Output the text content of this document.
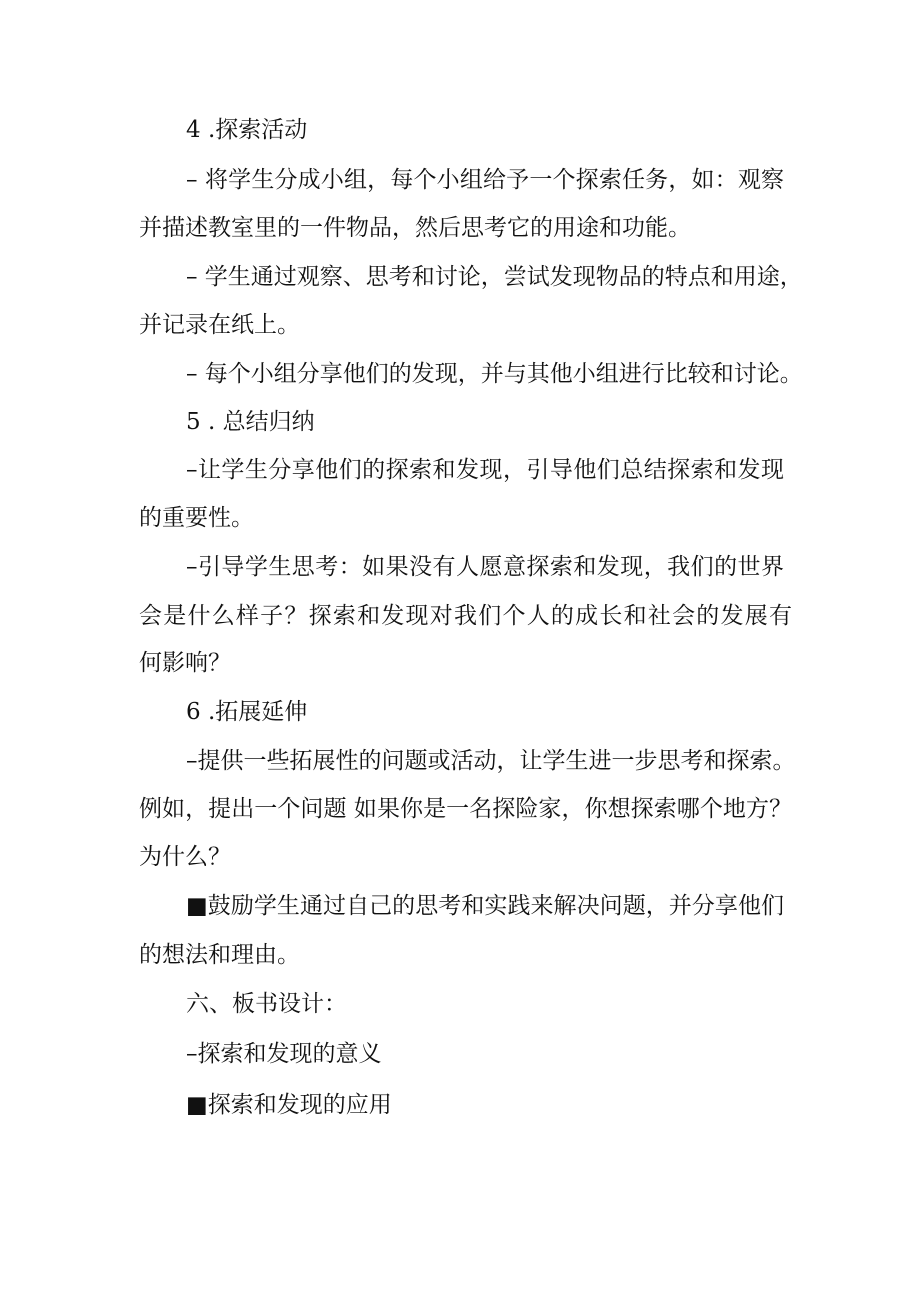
4 .探索活动
– 将学生分成小组，每个小组给予一个探索任务，如：观察
并描述教室里的一件物品，然后思考它的用途和功能。
– 学生通过观察、思考和讨论，尝试发现物品的特点和用途，
并记录在纸上。
– 每个小组分享他们的发现，并与其他小组进行比较和讨论。
5 . 总结归纳
–让学生分享他们的探索和发现，引导他们总结探索和发现
的重要性。
–引导学生思考：如果没有人愿意探索和发现，我们的世界
会是什么样子？探索和发现对我们个人的成长和社会的发展有
何影响？
6 .拓展延伸
–提供一些拓展性的问题或活动，让学生进一步思考和探索。
例如，提出一个问题 如果你是一名探险家，你想探索哪个地方？
为什么？
■鼓励学生通过自己的思考和实践来解决问题，并分享他们
的想法和理由。
六、板书设计：
–探索和发现的意义
■探索和发现的应用
